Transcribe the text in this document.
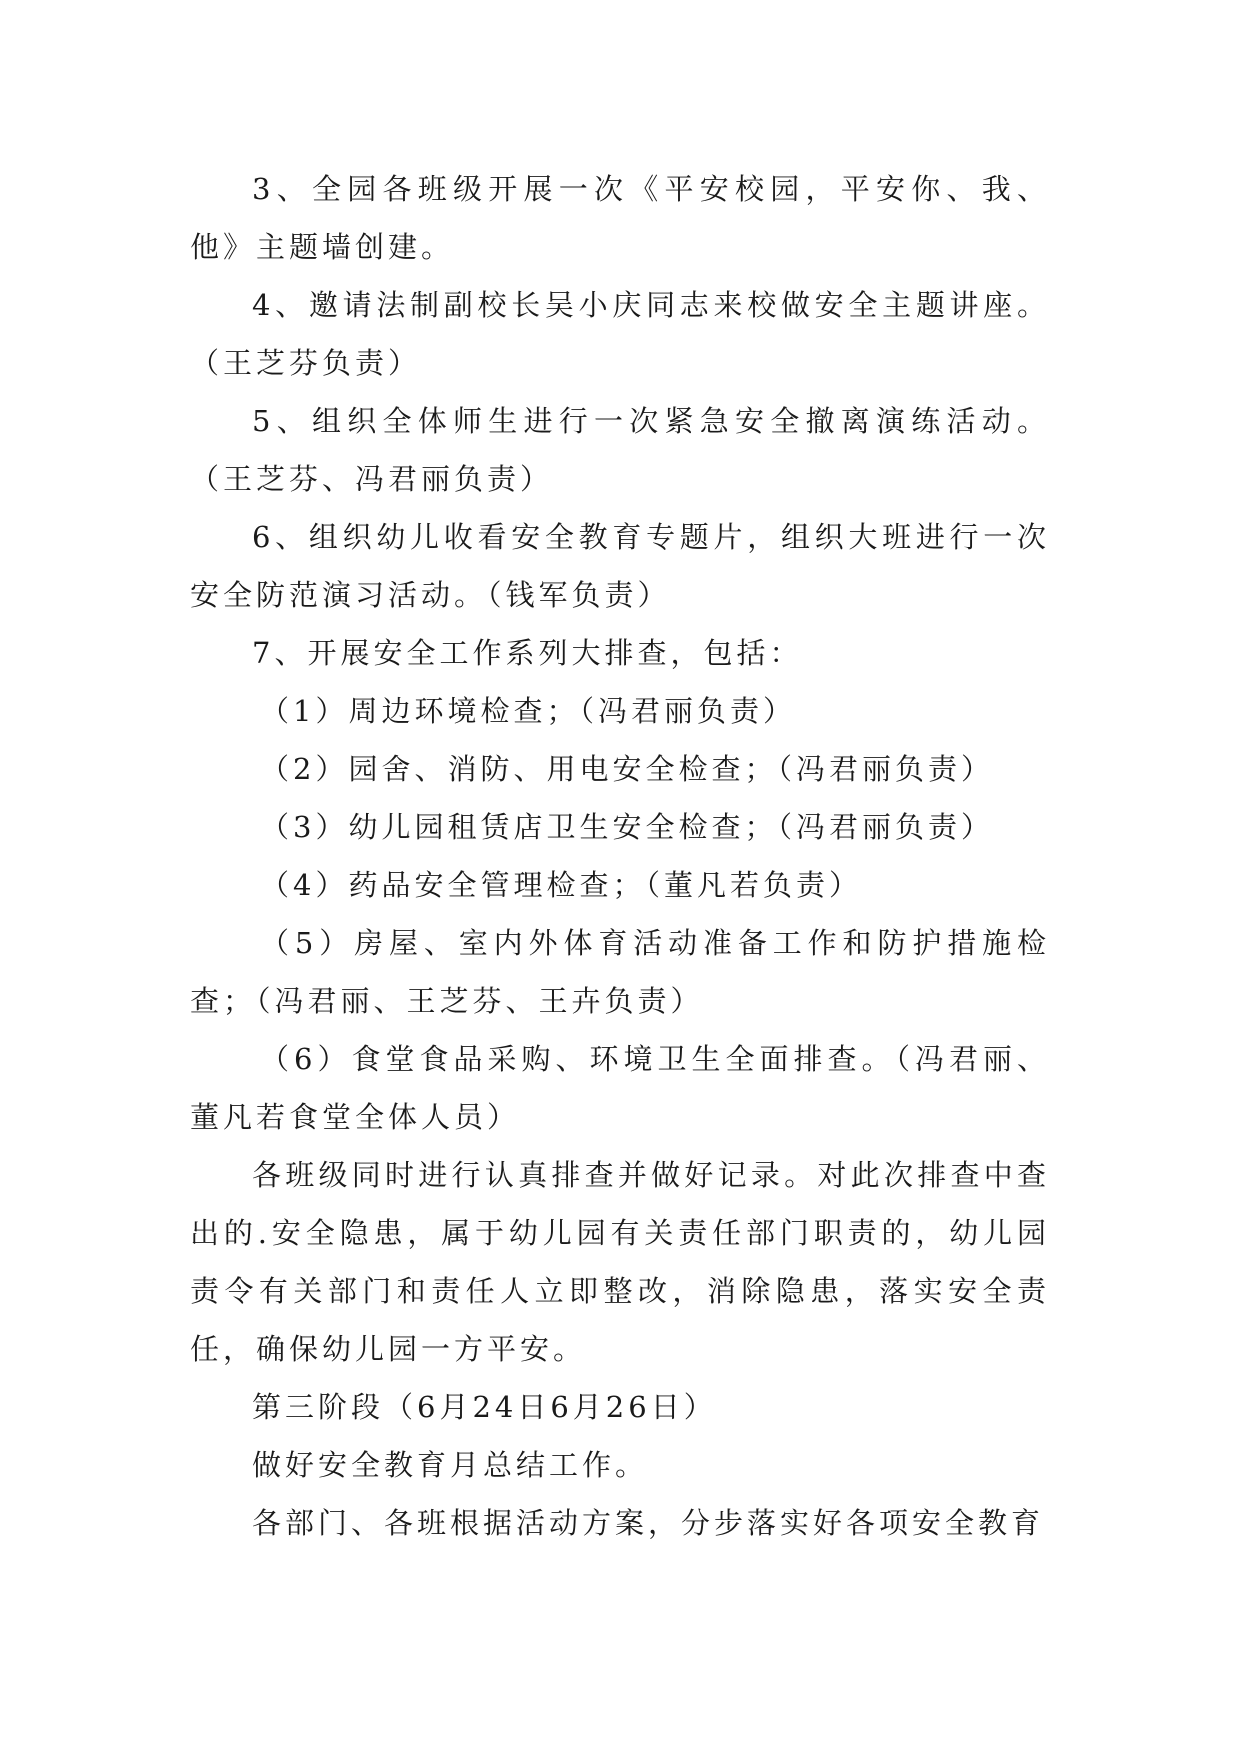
3、全园各班级开展一次《平安校园，平安你、我、他》主题墙创建。

4、邀请法制副校长吴小庆同志来校做安全主题讲座。（王芝芬负责）

5、组织全体师生进行一次紧急安全撤离演练活动。（王芝芬、冯君丽负责）

6、组织幼儿收看安全教育专题片，组织大班进行一次安全防范演习活动。（钱军负责）

7、开展安全工作系列大排查，包括：

（1）周边环境检查；（冯君丽负责）

（2）园舍、消防、用电安全检查；（冯君丽负责）

（3）幼儿园租赁店卫生安全检查；（冯君丽负责）

（4）药品安全管理检查；（董凡若负责）

（5）房屋、室内外体育活动准备工作和防护措施检查；（冯君丽、王芝芬、王卉负责）

（6）食堂食品采购、环境卫生全面排查。（冯君丽、董凡若食堂全体人员）

各班级同时进行认真排查并做好记录。对此次排查中查出的.安全隐患，属于幼儿园有关责任部门职责的，幼儿园责令有关部门和责任人立即整改，消除隐患，落实安全责任，确保幼儿园一方平安。

第三阶段（6月24日6月26日）

做好安全教育月总结工作。

各部门、各班根据活动方案，分步落实好各项安全教育
